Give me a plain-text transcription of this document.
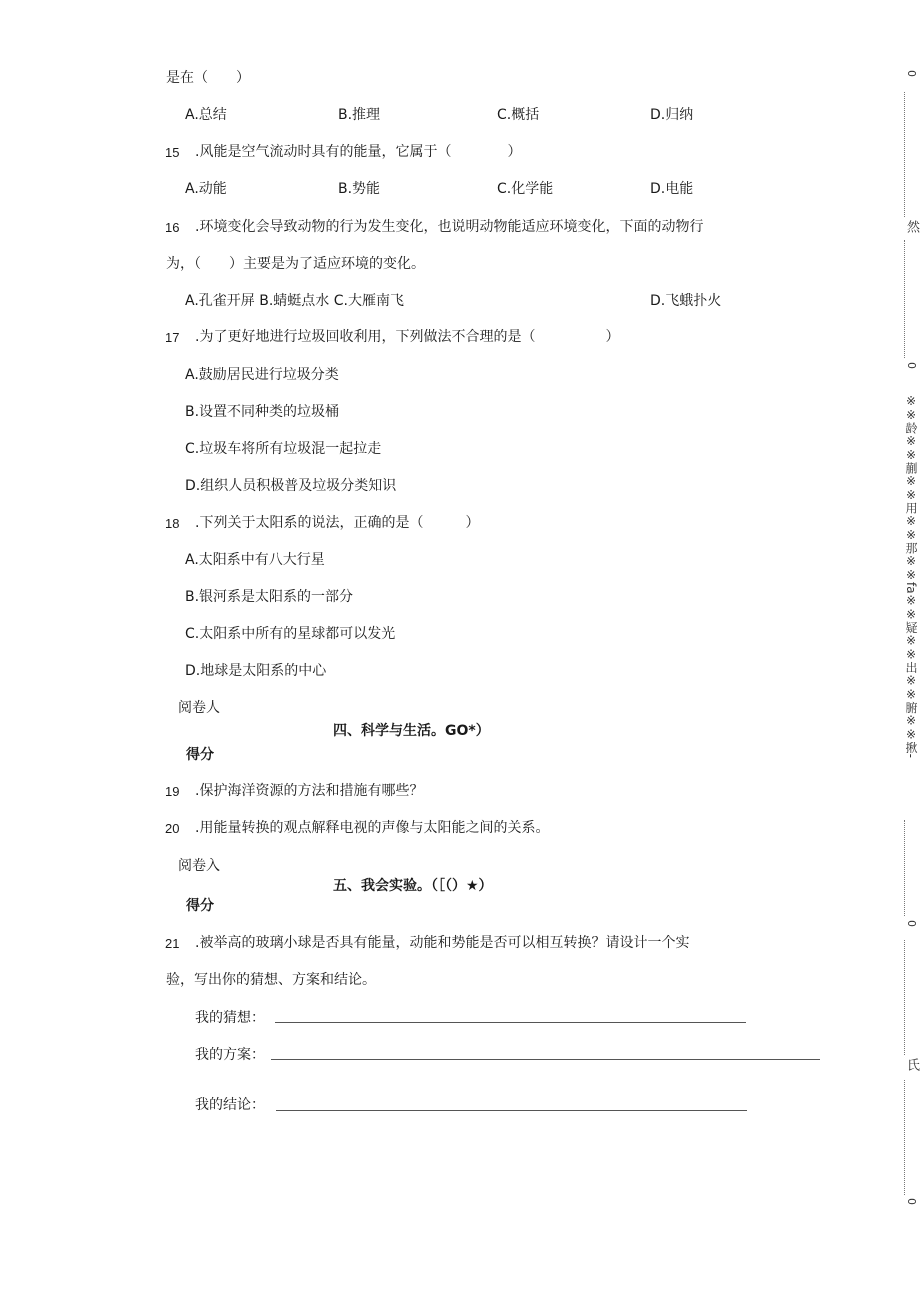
是在（　　）
A.总结	B.推理	C.概括	D.归纳
15 .风能是空气流动时具有的能量，它属于（　　　　）
A.动能	B.势能	C.化学能	D.电能
16 .环境变化会导致动物的行为发生变化，也说明动物能适应环境变化，下面的动物行
为，（　　）主要是为了适应环境的变化。
A.孔雀开屏 B.蜻蜓点水 C.大雁南飞	D.飞蛾扑火
17 .为了更好地进行垃圾回收利用，下列做法不合理的是（　　　　　）
A.鼓励居民进行垃圾分类
B.设置不同种类的垃圾桶
C.垃圾车将所有垃圾混一起拉走
D.组织人员积极普及垃圾分类知识
18 .下列关于太阳系的说法，正确的是（　　　）
A.太阳系中有八大行星
B.银河系是太阳系的一部分
C.太阳系中所有的星球都可以发光
D.地球是太阳系的中心
阅卷人
四、科学与生活。GO*）
得分
19 .保护海洋资源的方法和措施有哪些？
20 .用能量转换的观点解释电视的声像与太阳能之间的关系。
阅卷入
五、我会实验。（［（）★）
得分
21 .被举高的玻璃小球是否具有能量，动能和势能是否可以相互转换？请设计一个实
验，写出你的猜想、方案和结论。
我的猜想：
我的方案：
我的结论：
0
然
0
※※龄※※蒯※※用※※那※※fa※※疑※※出※※腑※※揪-
0
氏
0
